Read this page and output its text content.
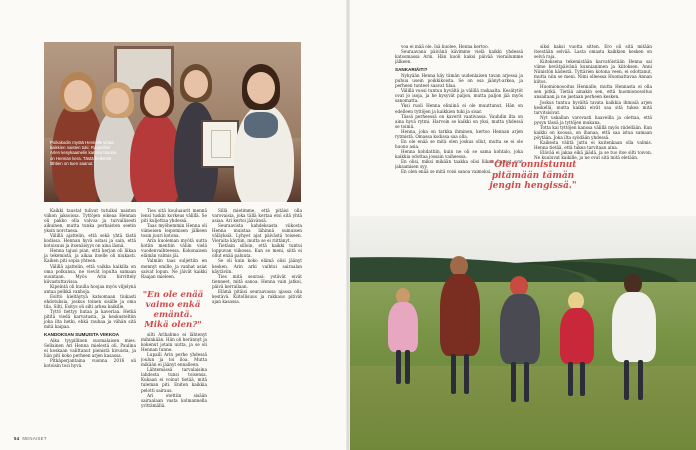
Poikakodin myötä Hennalle virtaa kaikkien naisten tuki: Raquellan Arlen kesykaamelin kanssa Maaria on Hennan kera. Tästä hetkestä lähtien on tuen saanut.

Kaikki taustat tulivat tutuiksi naisten viikon jaksoissa. Tyttöjen oikeaa Hennan oli pakko olla valvoa ja turvallisesti aikuinen, mutta tunka perhaisten seetin yksin norctaesa.

Välillä ajattelin, että sekä yhtä tästä kodissa. Hennan hyvä ostasi ja sain, että kotoisuus ja itsenäisyys on aina läsnä.

Henna tajusi pian, että kerjan oli liikaa ja tekemistä, ja aikaa itselle oli niukasti. Kaiken piti sopia yhteen.

Välillä ajattelin, että vaikka kaikilla on oma polkunsa, ne vievät lopulta samaan suuntaan. Myös Arin hirvittely kiivastuttavissa.

Kipeintä oli kuulla hoojaa myös viljelynä antaa pelkkä vanhoja.

Esittö kieltäytyä katsomaan tiukasti ehdotuksia, joskus toinen sisälle ja oma tila. Silti, Esitys oli silti arkea kaikille.

Tyttö tiettyy hutaa ja kaveriaa. Hetkä pititä viedä karvatusta, ja keskusteltiin joka ilta hetki, ehkä rauhaa ja vähän sitä mitä kaipaa.

KANDOKSAN SUMUISTA VIIKKOA

Aika tyypillinen suomalaisen mies. Sellainen Ari Henna mielestä oli. Paulina ei koskaan valittanut pienistä kivuista, ja hän piti koko perheen arjen kasassa.

Pitkäperjantaina vuonna 2016 oli kotoisin tosi hyvä.

Ties sitä kouluaurit mennä lensi tuskin korkeus välillä. Se piti kuljettaa yhdessä.

Taas myöhemmin Henna oli viimeisen leipomisen jälkeen tosin juuri kotona.

Arin kuoleman myötä uutta kotiin mentiin väliin vielä vuodenvaihteessa. Kokonaisen elämän valmis jäi.

Valmiin taas suljettiin en mennyt omille, ja vanhat asiat saivat lopun. Ne jäivät kaikki Raajan mieleen.

"En ole enää vaimo enkä emäntä. Mikä olen?"

silti Arihahmo ei lähtenyt mihinkään. Hän oli herännyt ja kokenut jotain uutta, ja se oli Hennan tunne.

Lupaili Arin perhe yhdessä joulun ja toi iloa. Mutta mikään ei jäänyt ennalleen.

Lähtemässä tarvalaisina lahdesta tunsi toisensa. Kukaan ei voinut tietää, mitä tuleman piti. Eniten kaikkia pelotti sairaus.

Ari otettiin sisään sairaalaan vasta kolmannella yrittämällä.

Sillä mietimme, että pitäisi olla varovaisia, joka tällä kertaa etsi sitä yhtä asiaa. Ari kertoi jäävänsä.

Seuraavista kahdeksasta viikosta Henna muistaa lähinnä sumuisen väläyksiä. Lyhyet ajat päivästä toiseen. Vieraita käytiin, mutta se ei riittänyt.

Tietäsin silloin, että kaikki tuntui loppuvan viikossa. Kun se meni, siitä ei ollut enää paluuta.

Se oli kuin koko elämä olisi jäänyt kesken. Arin arki vaihtui sairaalan käytäviin.

Ties mitä seurasi: ystävät eivät tienneet, mitä sanoa. Henna vain jatkoi, päivä kerrallaan.

Elämä pitäisi seuraavassa ajassa olla kestävä. Kiitollisuus ja rakkaus pitivät ajan kasassa.

54 MENAISET

voa ei mää ole. Isä kuolee, Henna kertoo.

Seuraavana päivänä kävimme vielä kaikki yhdessä katsomassa Arin. Hän kuoli kaksi päivää vierailumme jälkeen.

SANKARIÄITI?

Nykyään Henna käy tämän uudenlaisen tavan arjessa ja puhuu usein poikkikoista. Se on osa jäänyt-arkea, ja perheen tunteet saavat tilaa.

Välillä vuosi tuntuu hyvältä ja välillä raskaalta. Kesätytöt ovat jo isoja, ja he kysyvät paljon, mutta paljon jää myös sanomatta.

Yksi ruoli Henna eliniinä ei ole muuttunut. Hän on edelleen tyttöjen ja kaikkien tuki ja sisar.

Tässä perheessä on kaverit vaativassa. Vauhdin ilta on aina hyvä rytmi. Harvoin se kaikki on yksi, mutta yhdessä se toimii.

Henna, joka on tarkka ihminen, kertoo Hennan arjen rytmistä. Omassa kodissa saa olla.

En ole enää se mitä olen joskus ollut, mutta se ei ole huono asia.

Henna kohdattiin, kuin ne oli se sama kohtalo, joka kaikkia odottaa jossain vaiheessa.

En olisi, miksi mikään taakka olisi liikaa. Lapset ovat jaksamisen syy.

En olen enää se mitä voisi sanoa vaimoksi.

siksi kaksi vuotta sitten. Ero oli sitä mitään itsestään selvää. Lasta omasta kaikkien kesken on selvä raja.

Kiitoksena tekemistään karvatöistään Henna sai viime kevätpäivänä kunnianimen ja kiitoksen. Anni Niinistön kädestä. Tyttärien kotona veen, ei odottanut, mutta niin se meni. Nimi olleessa Huomattavaa Annan kiitos.

Huomionosoitus Hennalle, mutta Hennasta ei olla sen pitkä. Tietää ainakin sen, että huomionosoitus ansaitaan ja ne jaetaan perheen kesken.

Joskus tuntuu hyvältä tavata kaikkia ihmisiä arjen keskellä, mutta kaikki eivät saa sitä tukea mitä tarvitsisivat.

Nyt uskallan varovasti haaveilla ja olettaa, että pysyn tässä ja tyttöjen mukana.

Totta kai tyttöjen kanssa välillä myös riidellään. Kun kaikki on koossa, on ihanaa, että saa istua samaan pöytään. Joka ilta syödään yhdessä.

Kaikesta välitä juttu ei kuitenkaan olla valmis. Henna tietää, että tukea tarvitaan aina.

Elävää ei jakaa eikä jäädä, ja se tuo itse silti toivon. Ne kuuluvat kaikille, ja ne ovat sitä mitä eletään.

"Olen onnistunut pitämään tämän jengin hengissä."
